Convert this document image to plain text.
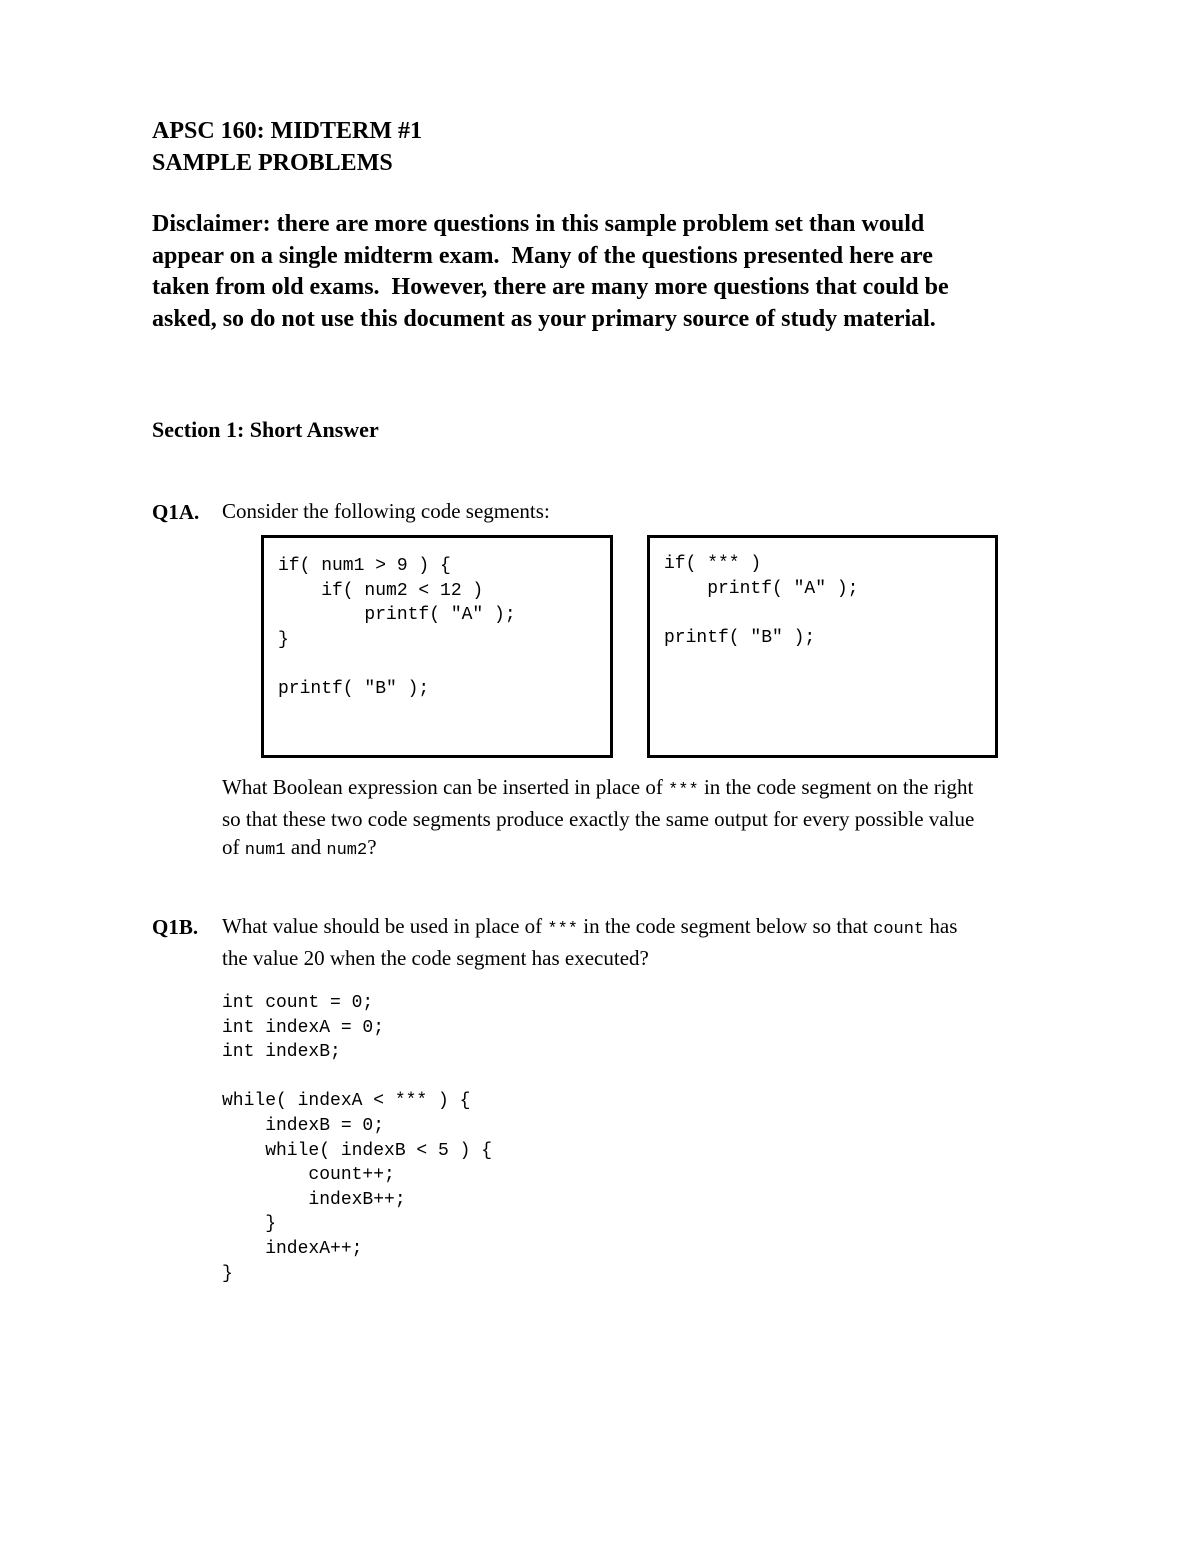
APSC 160: MIDTERM #1
SAMPLE PROBLEMS
Disclaimer: there are more questions in this sample problem set than would
appear on a single midterm exam.  Many of the questions presented here are
taken from old exams.  However, there are many more questions that could be
asked, so do not use this document as your primary source of study material.
Section 1: Short Answer
Q1A. Consider the following code segments:
if( num1 > 9 ) {
if( num2 < 12 )
printf( "A" );
}

printf( "B" );
if( *** )
printf( "A" );

printf( "B" );
What Boolean expression can be inserted in place of *** in the code segment on the right
so that these two code segments produce exactly the same output for every possible value
of num1 and num2?
Q1B. What value should be used in place of *** in the code segment below so that count has
the value 20 when the code segment has executed?
int count = 0;
int indexA = 0;
int indexB;

while( indexA < *** ) {
indexB = 0;
while( indexB < 5 ) {
count++;
indexB++;
}
indexA++;
}
